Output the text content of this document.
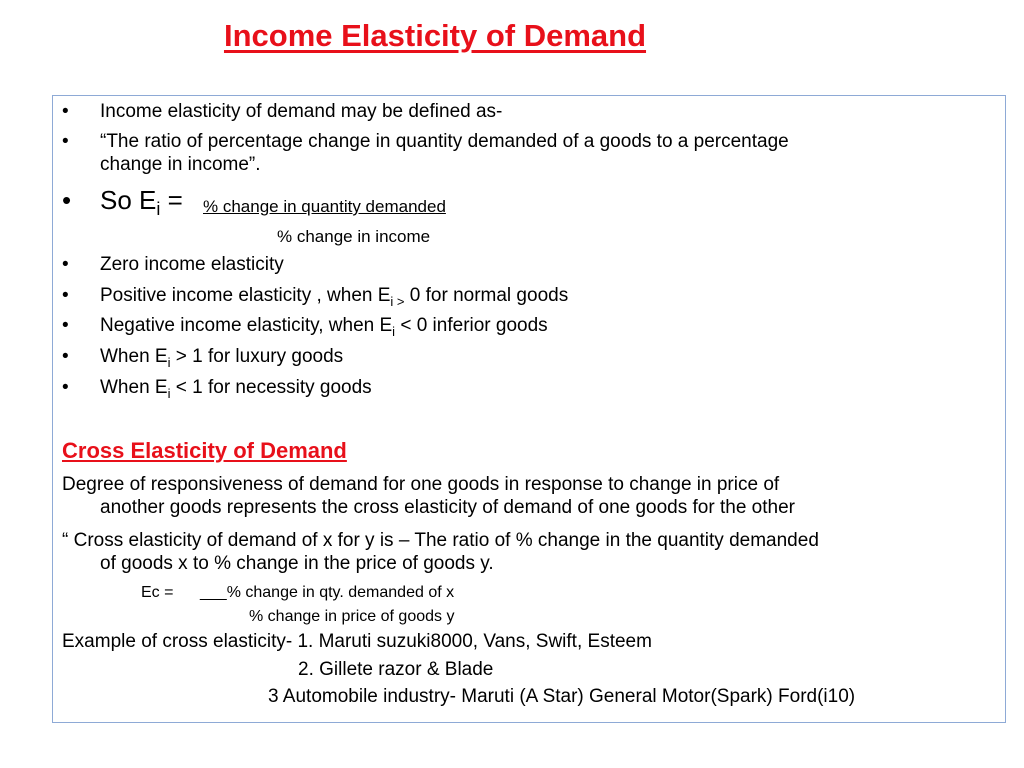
Income Elasticity of Demand
• Income elasticity of demand may be defined as-
• “The ratio of percentage change in quantity demanded of a goods to a percentage
change in income”.
• So $E_i$ = % change in quantity demanded
% change in income
• Zero income elasticity
• Positive income elasticity , when $E_{i >}$ 0 for normal goods
• Negative income elasticity, when $E_i < 0$ inferior goods
• When $E_i > 1$ for luxury goods
• When $E_i < 1$ for necessity goods
Cross Elasticity of Demand
Degree of responsiveness of demand for one goods in response to change in price of
another goods represents the cross elasticity of demand of one goods for the other
“ Cross elasticity of demand of x for y is – The ratio of % change in the quantity demanded
of goods x to % change in the price of goods y.
Ec =	___% change in qty. demanded of x
% change in price of goods y
Example of cross elasticity- 1. Maruti suzuki8000, Vans, Swift, Esteem
2. Gillete razor & Blade
3 Automobile industry- Maruti (A Star) General Motor(Spark) Ford(i10)
